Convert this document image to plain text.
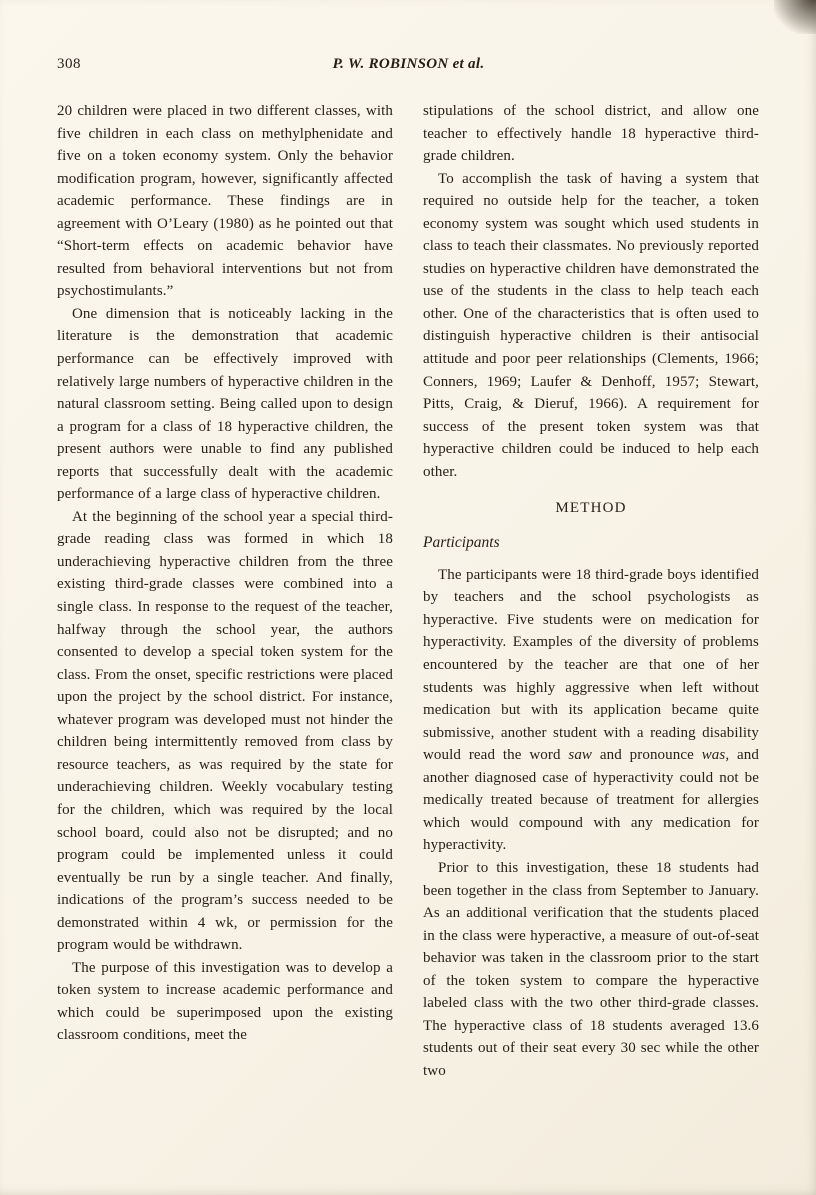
308	P. W. ROBINSON et al.

20 children were placed in two different classes, with five children in each class on methylphenidate and five on a token economy system. Only the behavior modification program, however, significantly affected academic performance. These findings are in agreement with O’Leary (1980) as he pointed out that “Short-term effects on academic behavior have resulted from behavioral interventions but not from psychostimulants.”

One dimension that is noticeably lacking in the literature is the demonstration that academic performance can be effectively improved with relatively large numbers of hyperactive children in the natural classroom setting. Being called upon to design a program for a class of 18 hyperactive children, the present authors were unable to find any published reports that successfully dealt with the academic performance of a large class of hyperactive children.

At the beginning of the school year a special third-grade reading class was formed in which 18 underachieving hyperactive children from the three existing third-grade classes were combined into a single class. In response to the request of the teacher, halfway through the school year, the authors consented to develop a special token system for the class. From the onset, specific restrictions were placed upon the project by the school district. For instance, whatever program was developed must not hinder the children being intermittently removed from class by resource teachers, as was required by the state for underachieving children. Weekly vocabulary testing for the children, which was required by the local school board, could also not be disrupted; and no program could be implemented unless it could eventually be run by a single teacher. And finally, indications of the program’s success needed to be demonstrated within 4 wk, or permission for the program would be withdrawn.

The purpose of this investigation was to develop a token system to increase academic performance and which could be superimposed upon the existing classroom conditions, meet the

stipulations of the school district, and allow one teacher to effectively handle 18 hyperactive third-grade children.

To accomplish the task of having a system that required no outside help for the teacher, a token economy system was sought which used students in class to teach their classmates. No previously reported studies on hyperactive children have demonstrated the use of the students in the class to help teach each other. One of the characteristics that is often used to distinguish hyperactive children is their antisocial attitude and poor peer relationships (Clements, 1966; Conners, 1969; Laufer & Denhoff, 1957; Stewart, Pitts, Craig, & Dieruf, 1966). A requirement for success of the present token system was that hyperactive children could be induced to help each other.

METHOD
Participants

The participants were 18 third-grade boys identified by teachers and the school psychologists as hyperactive. Five students were on medication for hyperactivity. Examples of the diversity of problems encountered by the teacher are that one of her students was highly aggressive when left without medication but with its application became quite submissive, another student with a reading disability would read the word saw and pronounce was, and another diagnosed case of hyperactivity could not be medically treated because of treatment for allergies which would compound with any medication for hyperactivity.

Prior to this investigation, these 18 students had been together in the class from September to January. As an additional verification that the students placed in the class were hyperactive, a measure of out-of-seat behavior was taken in the classroom prior to the start of the token system to compare the hyperactive labeled class with the two other third-grade classes. The hyperactive class of 18 students averaged 13.6 students out of their seat every 30 sec while the other two
